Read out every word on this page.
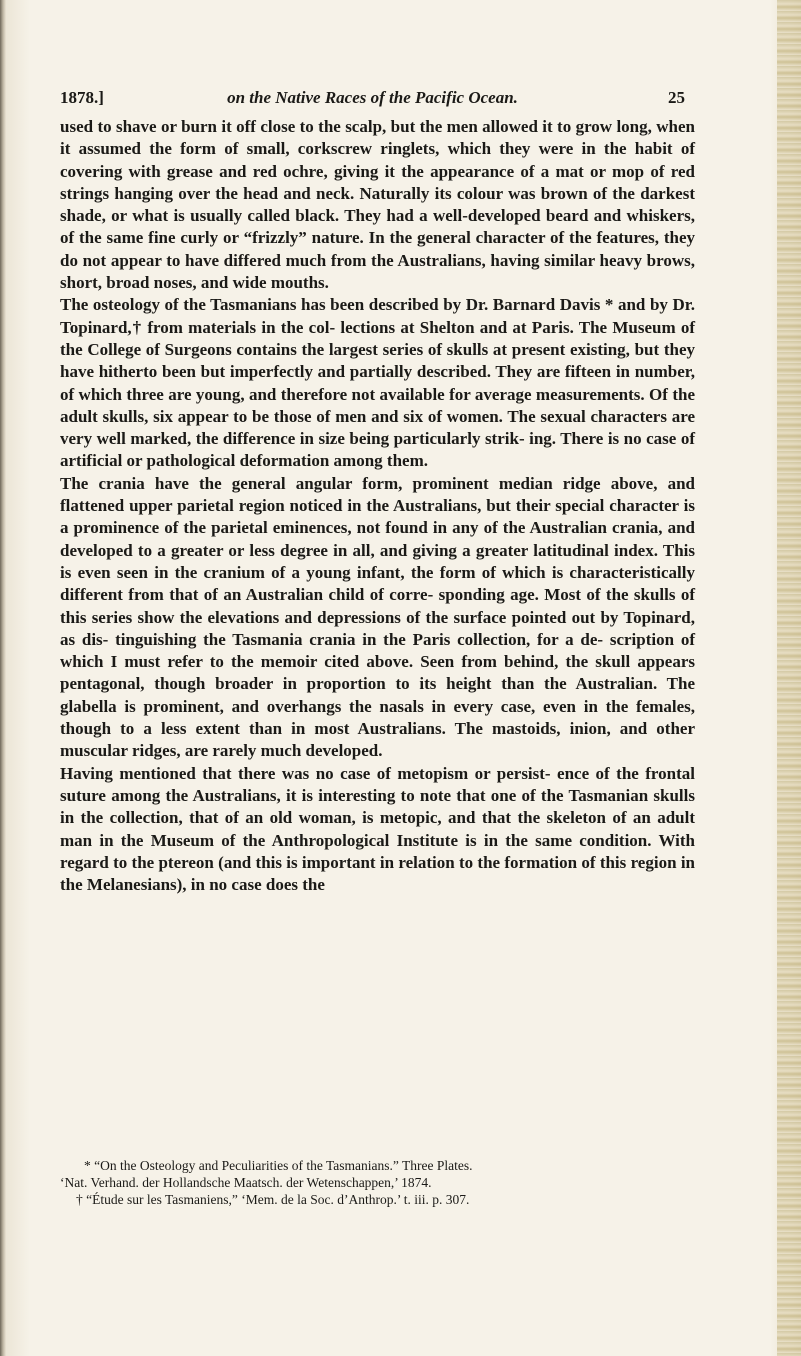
1878.]	on the Native Races of the Pacific Ocean.	25

used to shave or burn it off close to the scalp, but the men allowed it to grow long, when it assumed the form of small, corkscrew ringlets, which they were in the habit of covering with grease and red ochre, giving it the appearance of a mat or mop of red strings hanging over the head and neck. Naturally its colour was brown of the darkest shade, or what is usually called black. They had a well-developed beard and whiskers, of the same fine curly or “frizzly” nature. In the general character of the features, they do not appear to have differed much from the Australians, having similar heavy brows, short, broad noses, and wide mouths.

The osteology of the Tasmanians has been described by Dr. Barnard Davis * and by Dr. Topinard,† from materials in the col- lections at Shelton and at Paris. The Museum of the College of Surgeons contains the largest series of skulls at present existing, but they have hitherto been but imperfectly and partially described. They are fifteen in number, of which three are young, and therefore not available for average measurements. Of the adult skulls, six appear to be those of men and six of women. The sexual characters are very well marked, the difference in size being particularly strik- ing. There is no case of artificial or pathological deformation among them.

The crania have the general angular form, prominent median ridge above, and flattened upper parietal region noticed in the Australians, but their special character is a prominence of the parietal eminences, not found in any of the Australian crania, and developed to a greater or less degree in all, and giving a greater latitudinal index. This is even seen in the cranium of a young infant, the form of which is characteristically different from that of an Australian child of corre- sponding age. Most of the skulls of this series show the elevations and depressions of the surface pointed out by Topinard, as dis- tinguishing the Tasmania crania in the Paris collection, for a de- scription of which I must refer to the memoir cited above. Seen from behind, the skull appears pentagonal, though broader in proportion to its height than the Australian. The glabella is prominent, and overhangs the nasals in every case, even in the females, though to a less extent than in most Australians. The mastoids, inion, and other muscular ridges, are rarely much developed.

Having mentioned that there was no case of metopism or persist- ence of the frontal suture among the Australians, it is interesting to note that one of the Tasmanian skulls in the collection, that of an old woman, is metopic, and that the skeleton of an adult man in the Museum of the Anthropological Institute is in the same condition. With regard to the ptereon (and this is important in relation to the formation of this region in the Melanesians), in no case does the

* “On the Osteology and Peculiarities of the Tasmanians.” Three Plates.

‘Nat. Verhand. der Hollandsche Maatsch. der Wetenschappen,’ 1874.

† “Étude sur les Tasmaniens,” ‘Mem. de la Soc. d’Anthrop.’ t. iii. p. 307.
